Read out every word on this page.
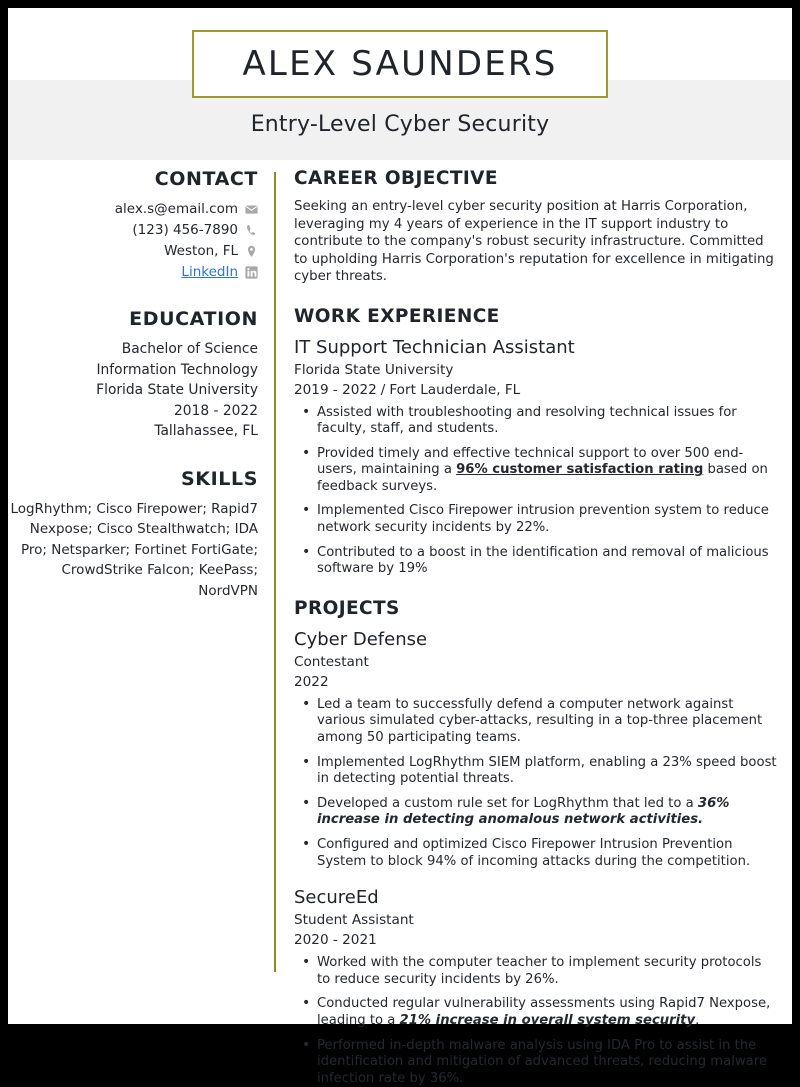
ALEX SAUNDERS
Entry-Level Cyber Security
CONTACT
alex.s@email.com
(123) 456-7890
Weston, FL
LinkedIn
EDUCATION
Bachelor of Science
Information Technology
Florida State University
2018 - 2022
Tallahassee, FL
SKILLS
LogRhythm; Cisco Firepower; Rapid7 Nexpose; Cisco Stealthwatch; IDA Pro; Netsparker; Fortinet FortiGate; CrowdStrike Falcon; KeePass; NordVPN
CAREER OBJECTIVE
Seeking an entry-level cyber security position at Harris Corporation, leveraging my 4 years of experience in the IT support industry to contribute to the company's robust security infrastructure. Committed to upholding Harris Corporation's reputation for excellence in mitigating cyber threats.
WORK EXPERIENCE
IT Support Technician Assistant
Florida State University
2019 - 2022 / Fort Lauderdale, FL
• Assisted with troubleshooting and resolving technical issues for faculty, staff, and students.
• Provided timely and effective technical support to over 500 end-users, maintaining a 96% customer satisfaction rating based on feedback surveys.
• Implemented Cisco Firepower intrusion prevention system to reduce network security incidents by 22%.
• Contributed to a boost in the identification and removal of malicious software by 19%
PROJECTS
Cyber Defense
Contestant
2022
• Led a team to successfully defend a computer network against various simulated cyber-attacks, resulting in a top-three placement among 50 participating teams.
• Implemented LogRhythm SIEM platform, enabling a 23% speed boost in detecting potential threats.
• Developed a custom rule set for LogRhythm that led to a 36% increase in detecting anomalous network activities.
• Configured and optimized Cisco Firepower Intrusion Prevention System to block 94% of incoming attacks during the competition.
SecureEd
Student Assistant
2020 - 2021
• Worked with the computer teacher to implement security protocols to reduce security incidents by 26%.
• Conducted regular vulnerability assessments using Rapid7 Nexpose, leading to a 21% increase in overall system security.
• Performed in-depth malware analysis using IDA Pro to assist in the identification and mitigation of advanced threats, reducing malware infection rate by 36%.
